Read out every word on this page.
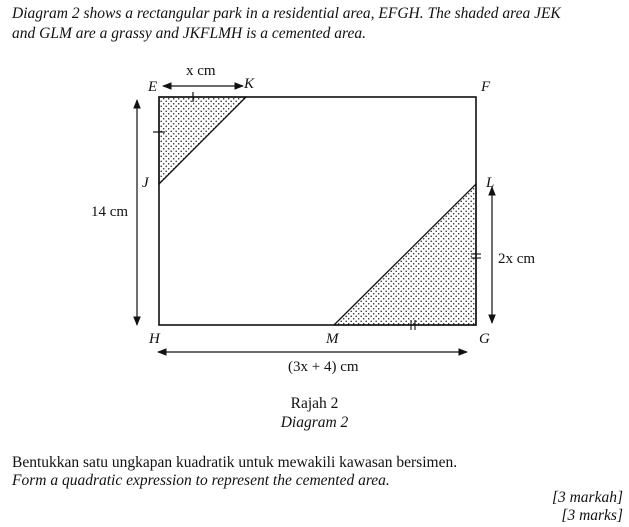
Diagram 2 shows a rectangular park in a residential area, EFGH. The shaded area JEK
and GLM are a grassy and JKFLMH is a cemented area.
E	K	F
J	L
H	M	G
x cm
14 cm
2x cm
(3x + 4) cm
Rajah 2
Diagram 2
Bentukkan satu ungkapan kuadratik untuk mewakili kawasan bersimen.
Form a quadratic expression to represent the cemented area.
[3 markah]
[3 marks]
